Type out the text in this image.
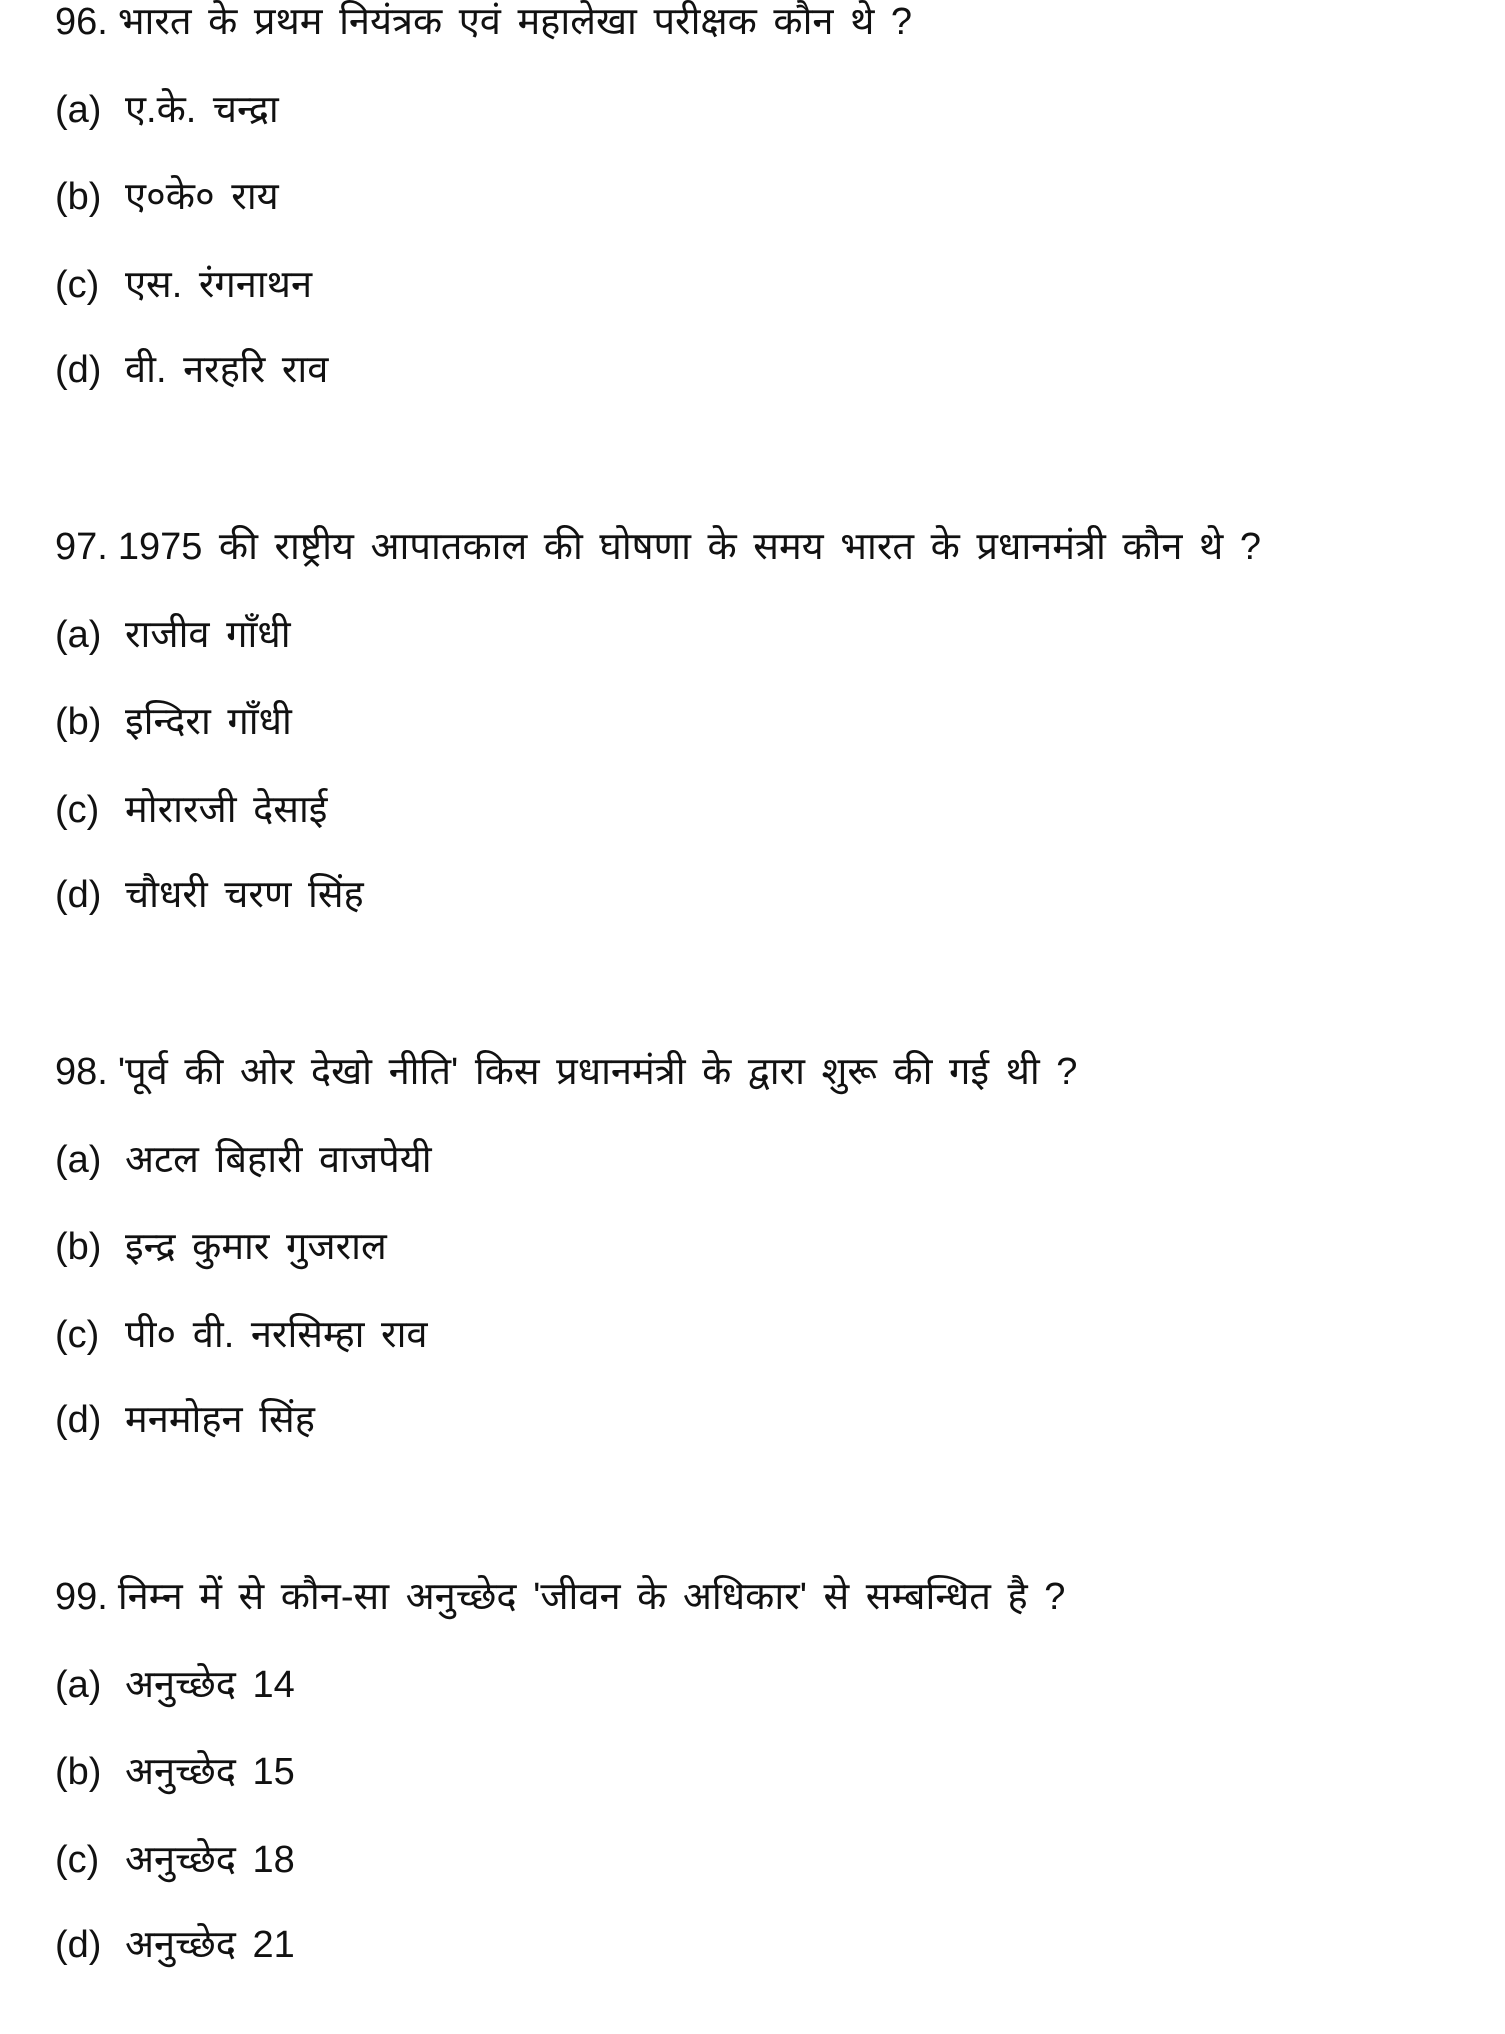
96. भारत के प्रथम नियंत्रक एवं महालेखा परीक्षक कौन थे ?
(a) ए.के. चन्द्रा
(b) ए०के० राय
(c) एस. रंगनाथन
(d) वी. नरहरि राव
97. 1975 की राष्ट्रीय आपातकाल की घोषणा के समय भारत के प्रधानमंत्री कौन थे ?
(a) राजीव गाँधी
(b) इन्दिरा गाँधी
(c) मोरारजी देसाई
(d) चौधरी चरण सिंह
98. 'पूर्व की ओर देखो नीति' किस प्रधानमंत्री के द्वारा शुरू की गई थी ?
(a) अटल बिहारी वाजपेयी
(b) इन्द्र कुमार गुजराल
(c) पी० वी. नरसिम्हा राव
(d) मनमोहन सिंह
99. निम्न में से कौन-सा अनुच्छेद 'जीवन के अधिकार' से सम्बन्धित है ?
(a) अनुच्छेद 14
(b) अनुच्छेद 15
(c) अनुच्छेद 18
(d) अनुच्छेद 21
